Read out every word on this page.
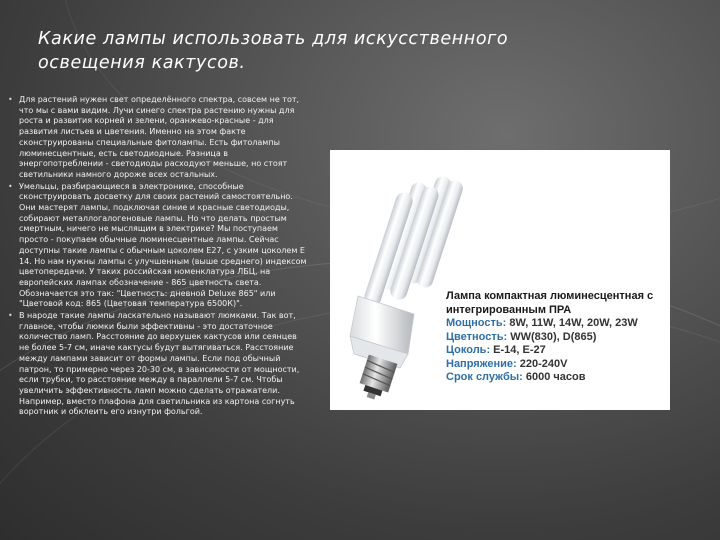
Какие лампы использовать для искусственного освещения кактусов.
• Для растений нужен свет определённого спектра, совсем не тот, что мы с вами видим. Лучи синего спектра растению нужны для роста и развития корней и зелени, оранжево-красные - для развития листьев и цветения. Именно на этом факте сконструированы специальные фитолампы. Есть фитолампы люминесцентные, есть светодиодные. Разница в энергопотреблении - светодиоды расходуют меньше, но стоят светильники намного дороже всех остальных.
• Умельцы, разбирающиеся в электронике, способные сконструировать досветку для своих растений самостоятельно. Они мастерят лампы, подключая синие и красные светодиоды, собирают металлогалогеновые лампы. Но что делать простым смертным, ничего не мыслящим в электрике? Мы поступаем просто - покупаем обычные люминесцентные лампы. Сейчас доступны такие лампы с обычным цоколем Е27, с узким цоколем Е 14. Но нам нужны лампы с улучшенным (выше среднего) индексом цветопередачи. У таких российская номенклатура ЛБЦ, на европейских лампах обозначение - 865 цветность света. Обозначается это так: "Цветность: дневной Deluxe 865" или "Цветовой код: 865 (Цветовая температура 6500К)".
• В народе такие лампы ласкательно называют люмками. Так вот, главное, чтобы люмки были эффективны - это достаточное количество ламп. Расстояние до верхушек кактусов или сеянцев не более 5-7 см, иначе кактусы будут вытягиваться. Расстояние между лампами зависит от формы лампы. Если под обычный патрон, то примерно через 20-30 см, в зависимости от мощности, если трубки, то расстояние между в параллели 5-7 см. Чтобы увеличить эффективность ламп можно сделать отражатели. Например, вместо плафона для светильника из картона согнуть воротник и обклеить его изнутри фольгой.
Лампа компактная люминесцентная с
интегрированным ПРА
Мощность: 8W, 11W, 14W, 20W, 23W
Цветность: WW(830), D(865)
Цоколь: E-14, E-27
Напряжение: 220-240V
Срок службы: 6000 часов
